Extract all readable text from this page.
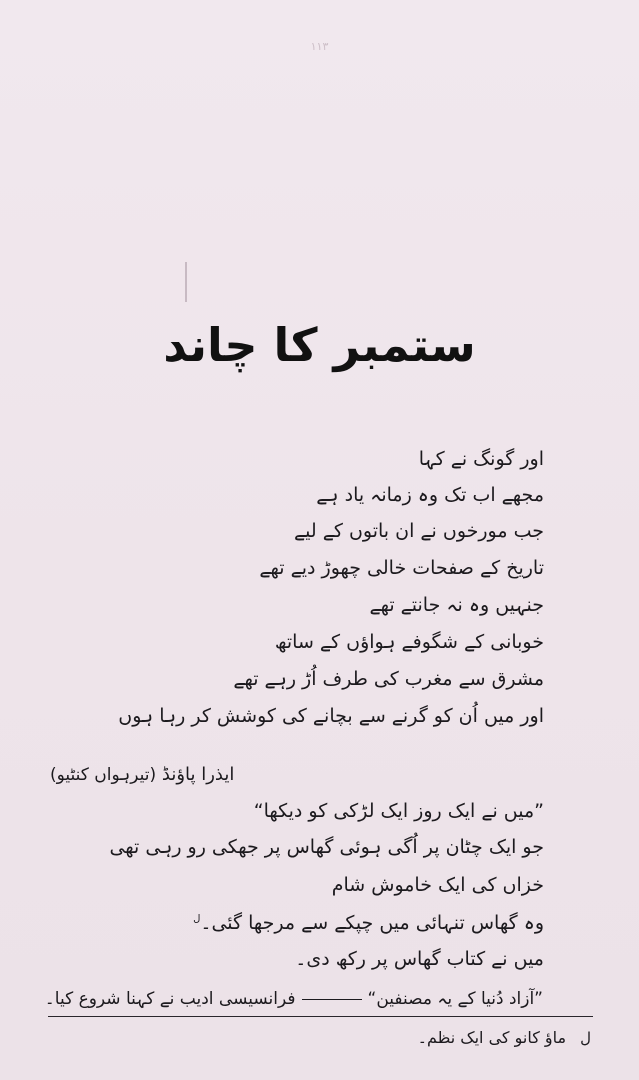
۱۱۳
ستمبر کا چاند
اور گونگ نے کہا
مجھے اب تک وہ زمانہ یاد ہے
جب مورخوں نے ان باتوں کے لیے
تاریخ کے صفحات خالی چھوڑ دیے تھے
جنہیں وہ نہ جانتے تھے
خوبانی کے شگوفے ہواؤں کے ساتھ
مشرق سے مغرب کی طرف اُڑ رہے تھے
اور میں اُن کو گرنے سے بچانے کی کوشش کر رہا ہوں
ایذرا پاؤنڈ (تیرہواں کنٹیو)
”میں نے ایک روز ایک لڑکی کو دیکھا“
جو ایک چٹان پر اُگی ہوئی گھاس پر جھکی رو رہی تھی
خزاں کی ایک خاموش شام
وہ گھاس تنہائی میں چپکے سے مرجھا گئی۔$^ل$
میں نے کتاب گھاس پر رکھ دی۔
”آزاد دُنیا کے یہ مصنفین“فرانسیسی ادیب نے کہنا شروع کیا۔
لماؤ کانو کی ایک نظم۔
